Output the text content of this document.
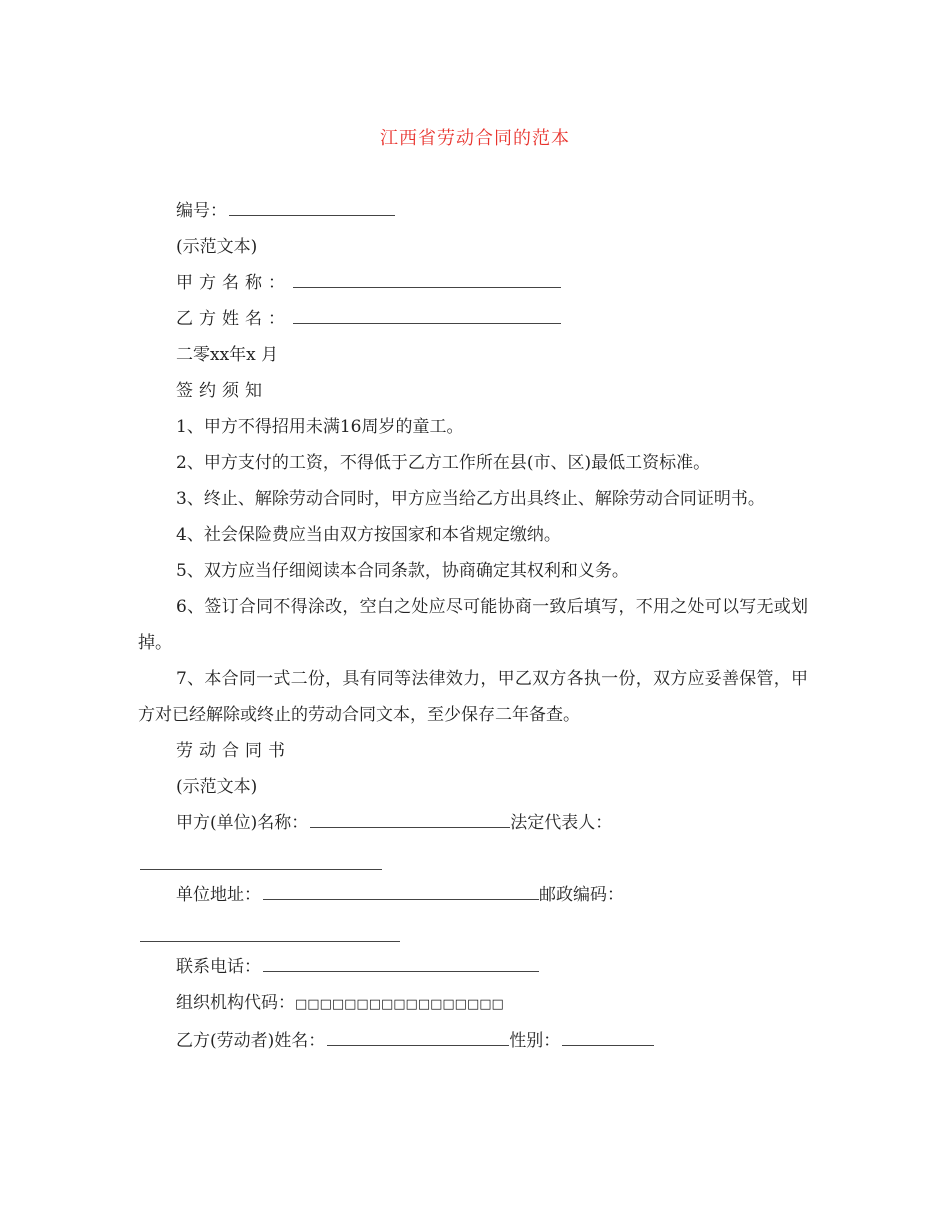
江西省劳动合同的范本
编号：
(示范文本)
甲方名称：
乙方姓名：
二零xx年x 月
签约须知
1、甲方不得招用未满16周岁的童工。
2、甲方支付的工资，不得低于乙方工作所在县(市、区)最低工资标准。
3、终止、解除劳动合同时，甲方应当给乙方出具终止、解除劳动合同证明书。
4、社会保险费应当由双方按国家和本省规定缴纳。
5、双方应当仔细阅读本合同条款，协商确定其权利和义务。
6、签订合同不得涂改，空白之处应尽可能协商一致后填写，不用之处可以写无或划掉。
7、本合同一式二份，具有同等法律效力，甲乙双方各执一份，双方应妥善保管，甲方对已经解除或终止的劳动合同文本，至少保存二年备查。
劳动合同书
(示范文本)
甲方(单位)名称：	法定代表人：
单位地址：	邮政编码：
联系电话：
组织机构代码：□□□□□□□□□□□□□□□□□
乙方(劳动者)姓名：	性别：
